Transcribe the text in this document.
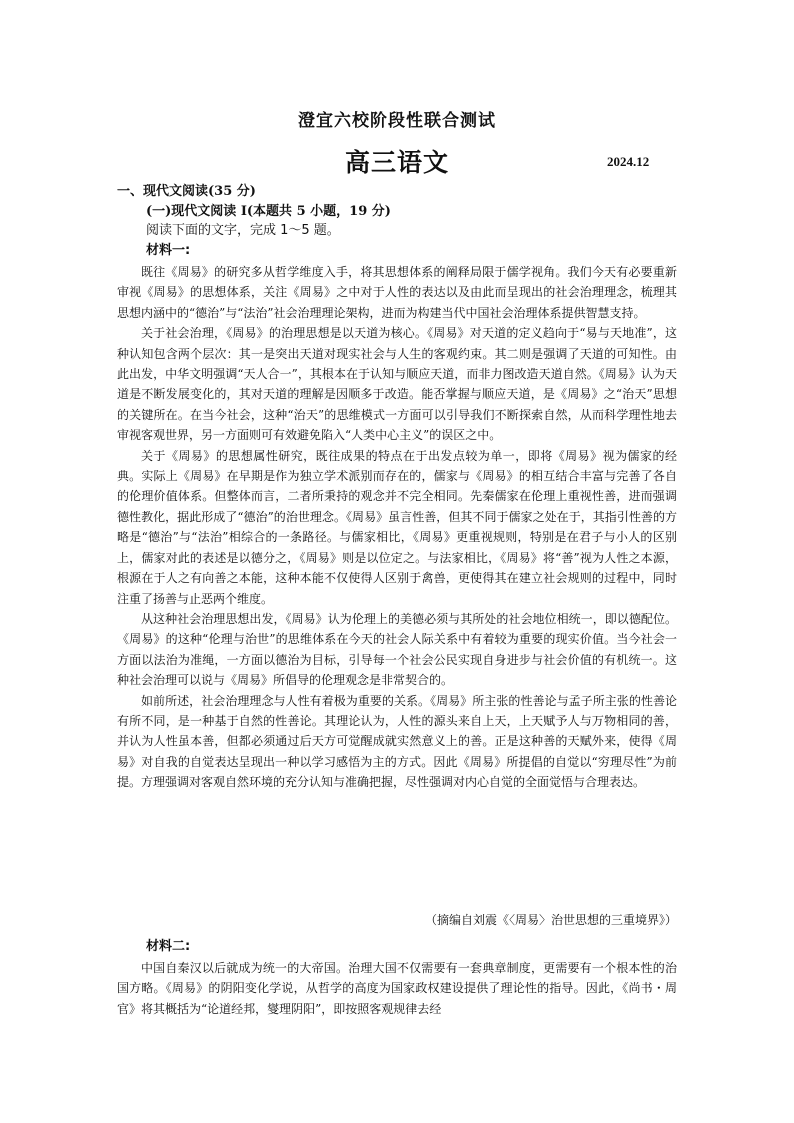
澄宜六校阶段性联合测试
高三语文	2024.12
一、现代文阅读(35 分)
(一)现代文阅读 I(本题共 5 小题，19 分)
阅读下面的文字，完成 1～5 题。
材料一:

既往《周易》的研究多从哲学维度入手，将其思想体系的阐释局限于儒学视角。我们今天有必要重新审视《周易》的思想体系，关注《周易》之中对于人性的表达以及由此而呈现出的社会治理理念，梳理其思想内涵中的“德治”与“法治”社会治理理论架构，进而为构建当代中国社会治理体系提供智慧支持。

关于社会治理，《周易》的治理思想是以天道为核心。《周易》对天道的定义趋向于“易与天地准”，这种认知包含两个层次：其一是突出天道对现实社会与人生的客观约束。其二则是强调了天道的可知性。由此出发，中华文明强调“天人合一”，其根本在于认知与顺应天道，而非力图改造天道自然。《周易》认为天道是不断发展变化的，其对天道的理解是因顺多于改造。能否掌握与顺应天道，是《周易》之“治天”思想的关键所在。在当今社会，这种“治天”的思维模式一方面可以引导我们不断探索自然，从而科学理性地去审视客观世界，另一方面则可有效避免陷入“人类中心主义”的误区之中。

关于《周易》的思想属性研究，既往成果的特点在于出发点较为单一，即将《周易》视为儒家的经典。实际上《周易》在早期是作为独立学术派别而存在的，儒家与《周易》的相互结合丰富与完善了各自的伦理价值体系。但整体而言，二者所秉持的观念并不完全相同。先秦儒家在伦理上重视性善，进而强调德性教化，据此形成了“德治”的治世理念。《周易》虽言性善，但其不同于儒家之处在于，其指引性善的方略是“德治”与“法治”相综合的一条路径。与儒家相比，《周易》更重视规则，特别是在君子与小人的区别上，儒家对此的表述是以德分之，《周易》则是以位定之。与法家相比，《周易》将“善”视为人性之本源，根源在于人之有向善之本能，这种本能不仅使得人区别于禽兽，更使得其在建立社会规则的过程中，同时注重了扬善与止恶两个维度。

从这种社会治理思想出发，《周易》认为伦理上的美德必须与其所处的社会地位相统一，即以德配位。《周易》的这种“伦理与治世”的思维体系在今天的社会人际关系中有着较为重要的现实价值。当今社会一方面以法治为准绳，一方面以德治为目标，引导每一个社会公民实现自身进步与社会价值的有机统一。这种社会治理可以说与《周易》所倡导的伦理观念是非常契合的。

如前所述，社会治理理念与人性有着极为重要的关系。《周易》所主张的性善论与孟子所主张的性善论有所不同，是一种基于自然的性善论。其理论认为，人性的源头来自上天，上天赋予人与万物相同的善，并认为人性虽本善，但都必须通过后天方可觉醒成就实然意义上的善。正是这种善的天赋外来，使得《周易》对自我的自觉表达呈现出一种以学习感悟为主的方式。因此《周易》所提倡的自觉以“穷理尽性”为前提。方理强调对客观自然环境的充分认知与准确把握，尽性强调对内心自觉的全面觉悟与合理表达。

（摘编自刘震《〈周易〉治世思想的三重境界》）
材料二:

中国自秦汉以后就成为统一的大帝国。治理大国不仅需要有一套典章制度，更需要有一个根本性的治国方略。《周易》的阴阳变化学说，从哲学的高度为国家政权建设提供了理论性的指导。因此，《尚书・周官》将其概括为“论道经邦，燮理阴阳”，即按照客观规律去经
